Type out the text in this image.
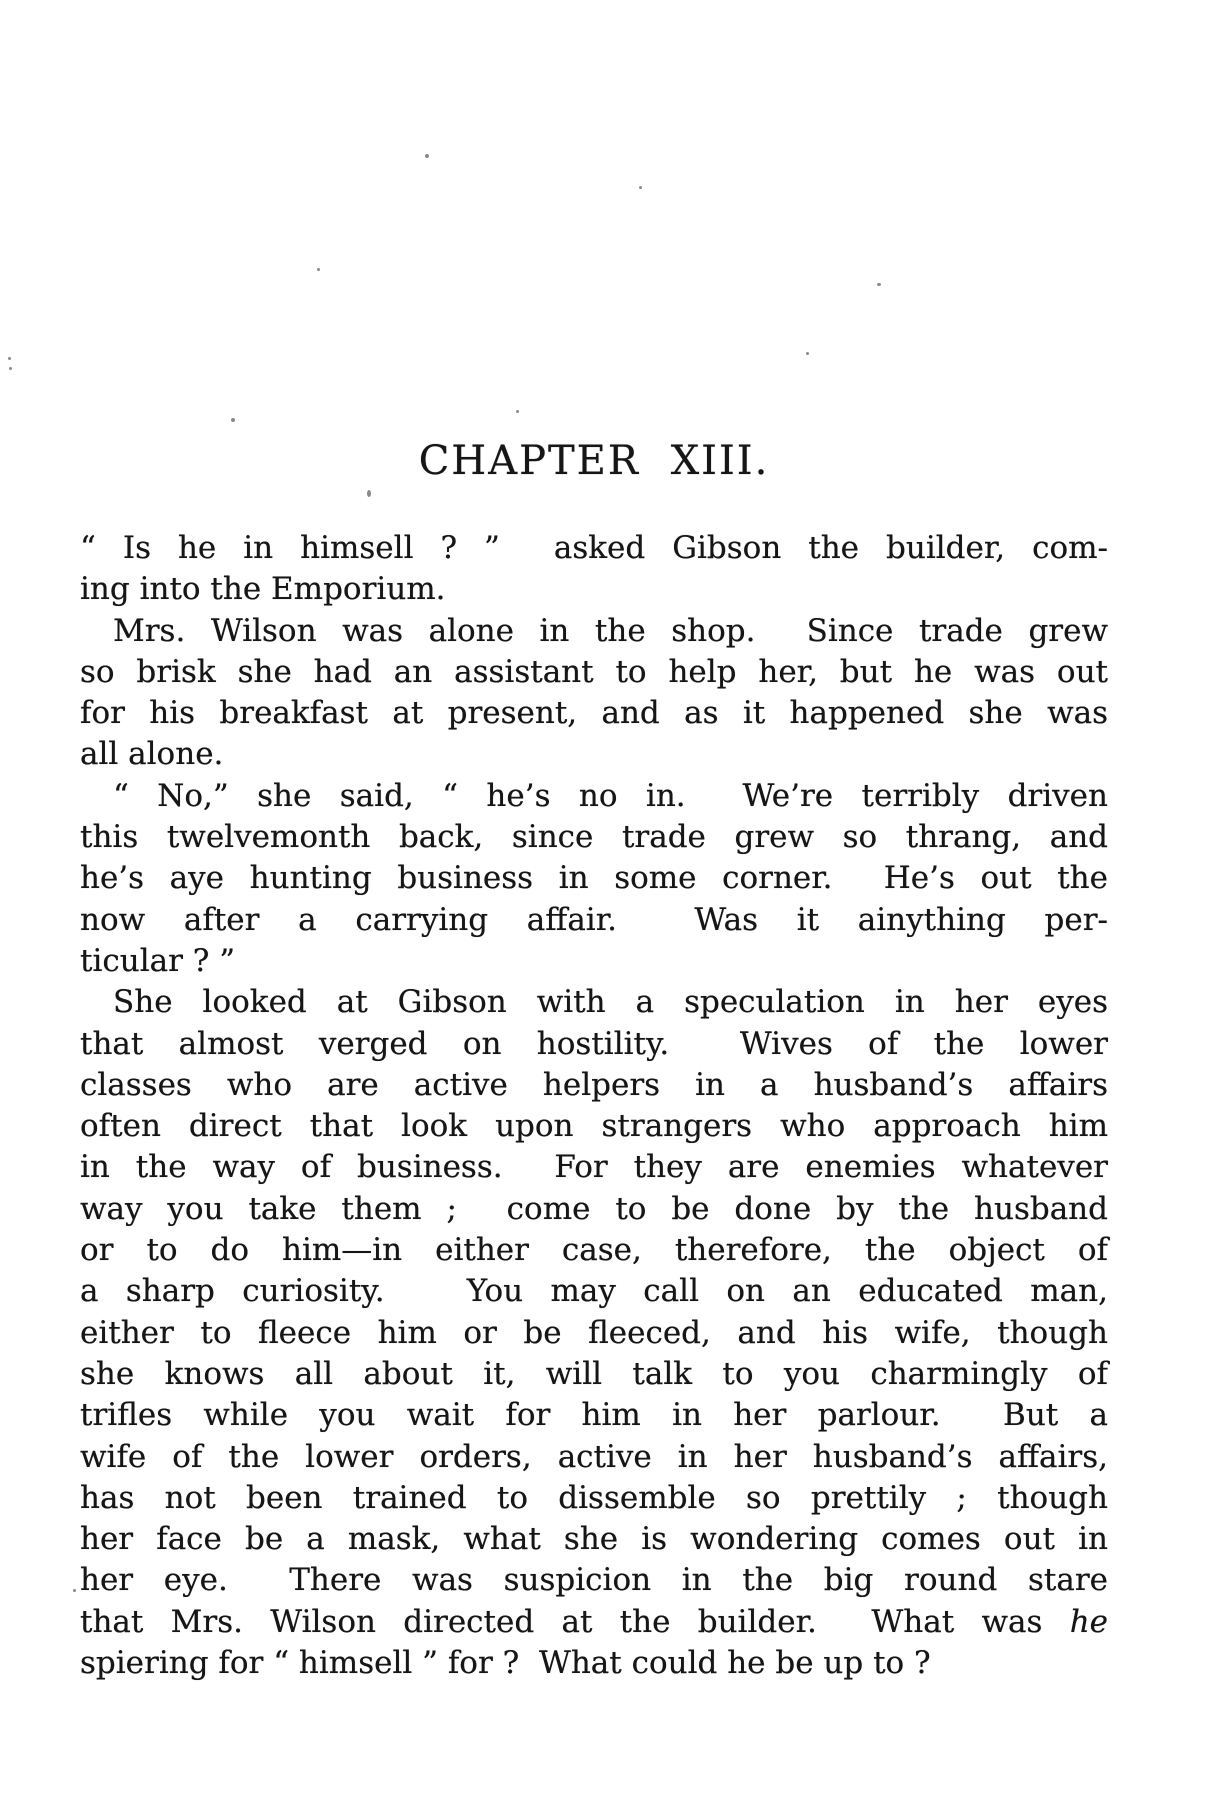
CHAPTER XIII.
“ Is he in himsell ? ”  asked Gibson the builder, com-
ing into the Emporium.
Mrs. Wilson was alone in the shop.  Since trade grew
so brisk she had an assistant to help her, but he was out
for his breakfast at present, and as it happened she was
all alone.
“ No,” she said, “ he’s no in.  We’re terribly driven
this twelvemonth back, since trade grew so thrang, and
he’s aye hunting business in some corner.  He’s out the
now after a carrying affair.  Was it ainything per-
ticular ? ”
She looked at Gibson with a speculation in her eyes
that almost verged on hostility.  Wives of the lower
classes who are active helpers in a husband’s affairs
often direct that look upon strangers who approach him
in the way of business.  For they are enemies whatever
way you take them ;  come to be done by the husband
or to do him—in either case, therefore, the object of
a sharp curiosity.   You may call on an educated man,
either to fleece him or be fleeced, and his wife, though
she knows all about it, will talk to you charmingly of
trifles while you wait for him in her parlour.  But a
wife of the lower orders, active in her husband’s affairs,
has not been trained to dissemble so prettily ; though
her face be a mask, what she is wondering comes out in
her eye.  There was suspicion in the big round stare
that Mrs. Wilson directed at the builder.  What was he
spiering for “ himsell ” for ?  What could he be up to ?
